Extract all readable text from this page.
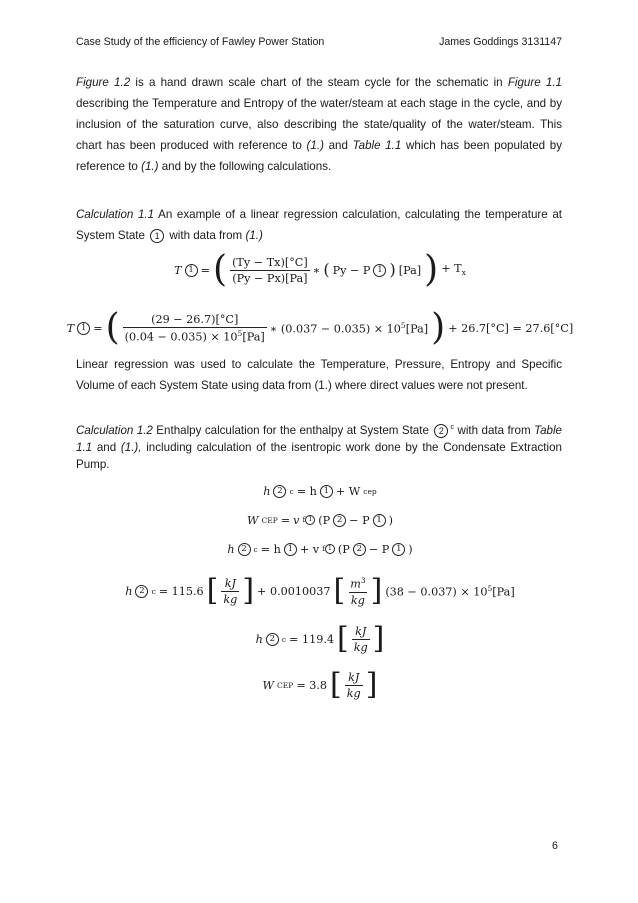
Case Study of the efficiency of Fawley Power Station	James Goddings 3131147

Figure 1.2 is a hand drawn scale chart of the steam cycle for the schematic in Figure 1.1 describing the Temperature and Entropy of the water/steam at each stage in the cycle, and by inclusion of the saturation curve, also describing the state/quality of the water/steam. This chart has been produced with reference to (1.) and Table 1.1 which has been populated by reference to (1.) and by the following calculations.

Calculation 1.1 An example of a linear regression calculation, calculating the temperature at System State 1 with data from (1.)

T 1 = ( $\frac{(Ty - Tx)[^\circ C]}{(Py - Px)[Pa]}$ ∗ ( Py − P 1 ) [Pa] ) + $T_x$
T 1 = ( $\frac{(29 - 26.7)[^\circ C]}{(0.04 - 0.035) \times 10^5[Pa]}$ ∗ $(0.037 - 0.035) \times 10^5[Pa]$ ) + 26.7[°C] = 27.6[°C]

Linear regression was used to calculate the Temperature, Pressure, Entropy and Specific Volume of each System State using data from (1.) where direct values were not present.

Calculation 1.2 Enthalpy calculation for the enthalpy at System State 2 $^c$ with data from Table 1.1 and (1.), including calculation of the isentropic work done by the Condensate Extraction Pump.

h 2 c = h 1 + W cep
W CEP = v f 1 (P 2 − P 1 )
h 2 c = h 1 + v f 1 (P 2 − P 1 )
h 2 c = 115.6 [ $\frac{kJ}{kg}$ ] + 0.0010037 [ $\frac{m^3}{kg}$ ] $(38 - 0.037) \times 10^5[Pa]$
h 2 c = 119.4 [ $\frac{kJ}{kg}$ ]
W CEP = 3.8 [ $\frac{kJ}{kg}$ ]
6
